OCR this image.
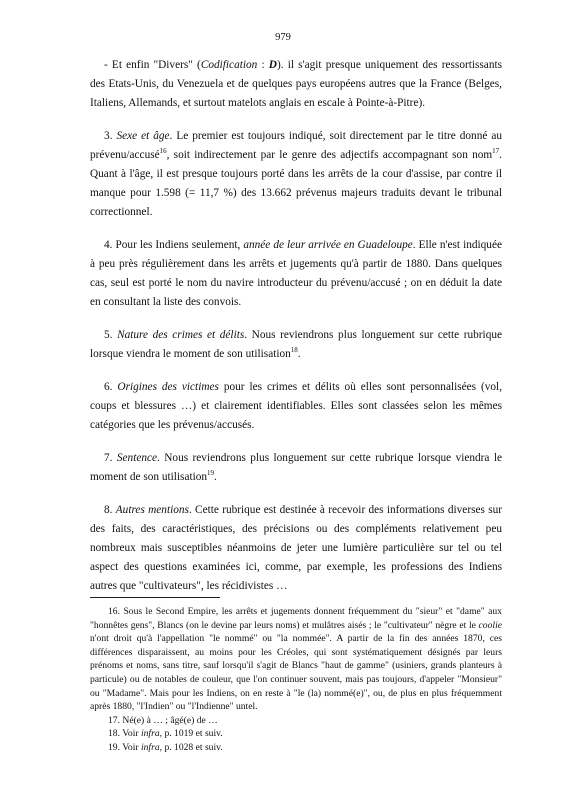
979

- Et enfin "Divers" (Codification : D). il s'agit presque uniquement des ressortissants des Etats-Unis, du Venezuela et de quelques pays européens autres que la France (Belges, Italiens, Allemands, et surtout matelots anglais en escale à Pointe-à-Pitre).

3. Sexe et âge. Le premier est toujours indiqué, soit directement par le titre donné au prévenu/accusé$^{16}$, soit indirectement par le genre des adjectifs accompagnant son nom$^{17}$. Quant à l'âge, il est presque toujours porté dans les arrêts de la cour d'assise, par contre il manque pour 1.598 (= 11,7 %) des 13.662 prévenus majeurs traduits devant le tribunal correctionnel.

4. Pour les Indiens seulement, année de leur arrivée en Guadeloupe. Elle n'est indiquée à peu près régulièrement dans les arrêts et jugements qu'à partir de 1880. Dans quelques cas, seul est porté le nom du navire introducteur du prévenu/accusé ; on en déduit la date en consultant la liste des convois.

5. Nature des crimes et délits. Nous reviendrons plus longuement sur cette rubrique lorsque viendra le moment de son utilisation$^{18}$.

6. Origines des victimes pour les crimes et délits où elles sont personnalisées (vol, coups et blessures …) et clairement identifiables. Elles sont classées selon les mêmes catégories que les prévenus/accusés.

7. Sentence. Nous reviendrons plus longuement sur cette rubrique lorsque viendra le moment de son utilisation$^{19}$.

8. Autres mentions. Cette rubrique est destinée à recevoir des informations diverses sur des faits, des caractéristiques, des précisions ou des compléments relativement peu nombreux mais susceptibles néanmoins de jeter une lumière particulière sur tel ou tel aspect des questions examinées ici, comme, par exemple, les professions des Indiens autres que "cultivateurs", les récidivistes …

16. Sous le Second Empire, les arrêts et jugements donnent fréquemment du "sieur" et "dame" aux "honnêtes gens", Blancs (on le devine par leurs noms) et mulâtres aisés ; le "cultivateur" nègre et le coolie n'ont droit qu'à l'appellation "le nommé" ou "la nommée". A partir de la fin des années 1870, ces différences disparaissent, au moins pour les Créoles, qui sont systématiquement désignés par leurs prénoms et noms, sans titre, sauf lorsqu'il s'agit de Blancs "haut de gamme" (usiniers, grands planteurs à particule) ou de notables de couleur, que l'on continuer souvent, mais pas toujours, d'appeler "Monsieur" ou "Madame". Mais pour les Indiens, on en reste à "le (la) nommé(e)", ou, de plus en plus fréquemment après 1880, "l'Indien" ou "l'Indienne" untel.

17. Né(e) à … ; âgé(e) de …

18. Voir infra, p. 1019 et suiv.

19. Voir infra, p. 1028 et suiv.
